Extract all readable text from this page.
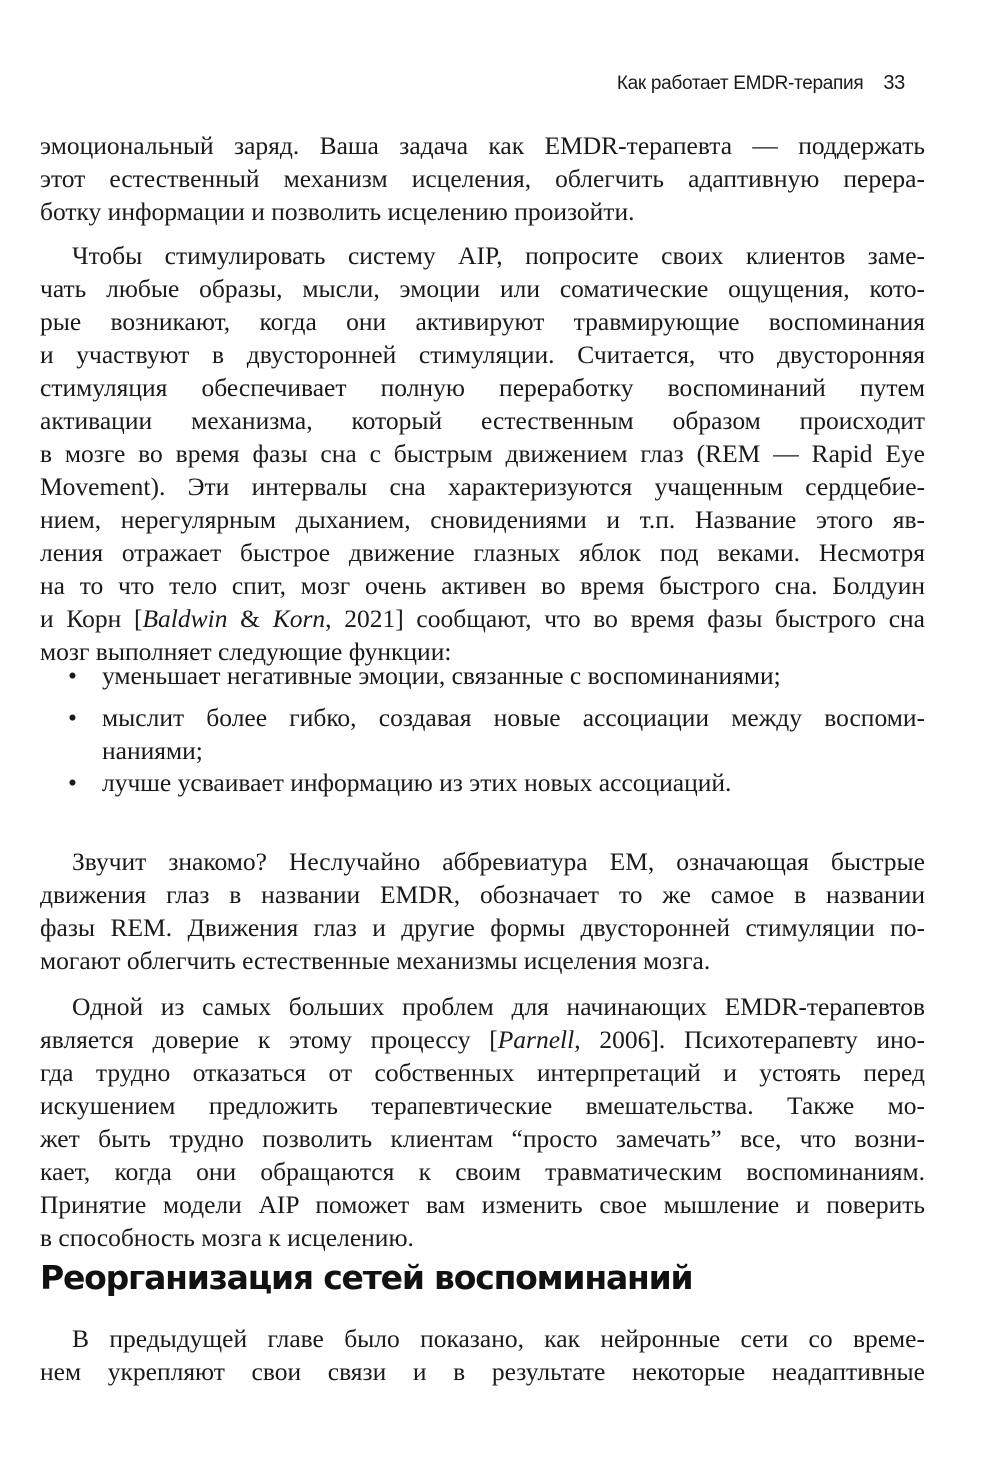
Как работает EMDR-терапия 33
эмоциональный заряд. Ваша задача как EMDR-терапевта — поддержать
этот естественный механизм исцеления, облегчить адаптивную перера-
ботку информации и позволить исцелению произойти.
Чтобы стимулировать систему AIP, попросите своих клиентов заме-
чать любые образы, мысли, эмоции или соматические ощущения, кото-
рые возникают, когда они активируют травмирующие воспоминания
и участвуют в двусторонней стимуляции. Считается, что двусторонняя
стимуляция обеспечивает полную переработку воспоминаний путем
активации механизма, который естественным образом происходит
в мозге во время фазы сна с быстрым движением глаз (REM — Rapid Eye
Movement). Эти интервалы сна характеризуются учащенным сердцебие-
нием, нерегулярным дыханием, сновидениями и т.п. Название этого яв-
ления отражает быстрое движение глазных яблок под веками. Несмотря
на то что тело спит, мозг очень активен во время быстрого сна. Болдуин
и Корн [Baldwin & Korn, 2021] сообщают, что во время фазы быстрого сна
мозг выполняет следующие функции:
• уменьшает негативные эмоции, связанные с воспоминаниями;
• мыслит более гибко, создавая новые ассоциации между воспоми-
наниями;
• лучше усваивает информацию из этих новых ассоциаций.
Звучит знакомо? Неслучайно аббревиатура EM, означающая быстрые
движения глаз в названии EMDR, обозначает то же самое в названии
фазы REM. Движения глаз и другие формы двусторонней стимуляции по-
могают облегчить естественные механизмы исцеления мозга.
Одной из самых больших проблем для начинающих EMDR-терапевтов
является доверие к этому процессу [Parnell, 2006]. Психотерапевту ино-
гда трудно отказаться от собственных интерпретаций и устоять перед
искушением предложить терапевтические вмешательства. Также мо-
жет быть трудно позволить клиентам “просто замечать” все, что возни-
кает, когда они обращаются к своим травматическим воспоминаниям.
Принятие модели AIP поможет вам изменить свое мышление и поверить
в способность мозга к исцелению.
Реорганизация сетей воспоминаний
В предыдущей главе было показано, как нейронные сети со време-
нем укрепляют свои связи и в результате некоторые неадаптивные
